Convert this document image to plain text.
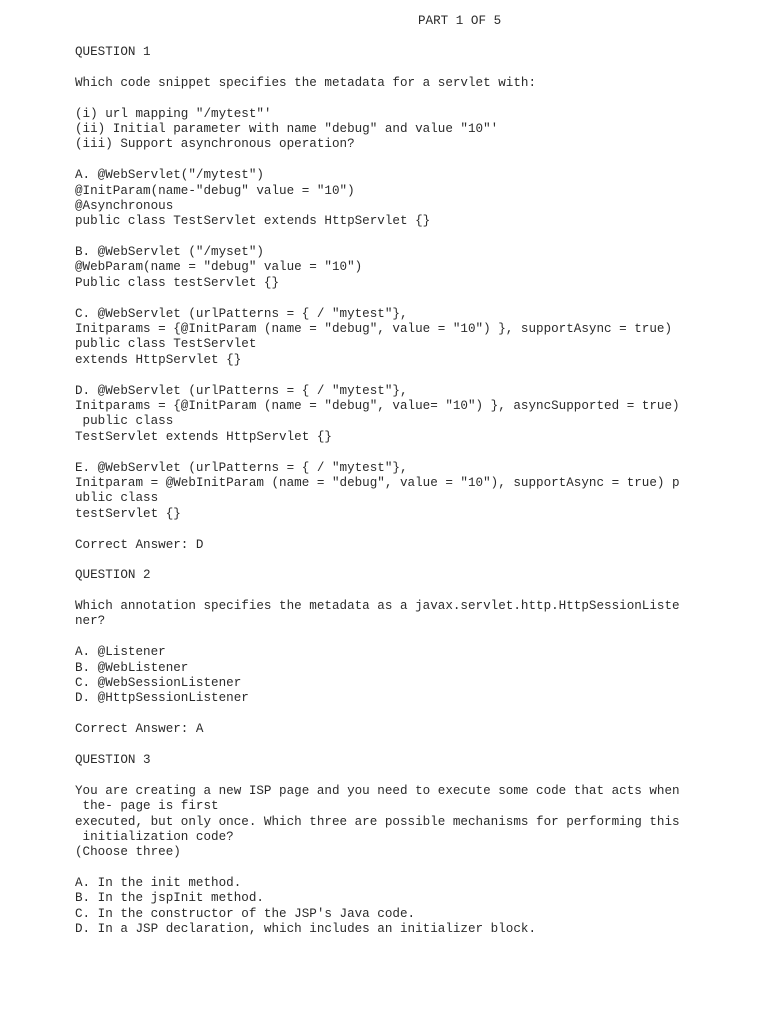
PART 1 OF 5
QUESTION 1
Which code snippet specifies the metadata for a servlet with:
(i) url mapping "/mytest"'
(ii) Initial parameter with name "debug" and value "10"'
(iii) Support asynchronous operation?
A. @WebServlet("/mytest")
@InitParam(name-"debug" value = "10")
@Asynchronous
public class TestServlet extends HttpServlet {}
B. @WebServlet ("/myset")
@WebParam(name = "debug" value = "10")
Public class testServlet {}
C. @WebServlet (urlPatterns = { / "mytest"},
Initparams = {@InitParam (name = "debug", value = "10") }, supportAsync = true)
public class TestServlet
extends HttpServlet {}
D. @WebServlet (urlPatterns = { / "mytest"},
Initparams = {@InitParam (name = "debug", value= "10") }, asyncSupported = true)
public class
TestServlet extends HttpServlet {}
E. @WebServlet (urlPatterns = { / "mytest"},
Initparam = @WebInitParam (name = "debug", value = "10"), supportAsync = true) p
ublic class
testServlet {}
Correct Answer: D
QUESTION 2
Which annotation specifies the metadata as a javax.servlet.http.HttpSessionListe
ner?
A. @Listener
B. @WebListener
C. @WebSessionListener
D. @HttpSessionListener
Correct Answer: A
QUESTION 3
You are creating a new ISP page and you need to execute some code that acts when
the- page is first
executed, but only once. Which three are possible mechanisms for performing this
initialization code?
(Choose three)
A. In the init method.
B. In the jspInit method.
C. In the constructor of the JSP's Java code.
D. In a JSP declaration, which includes an initializer block.
